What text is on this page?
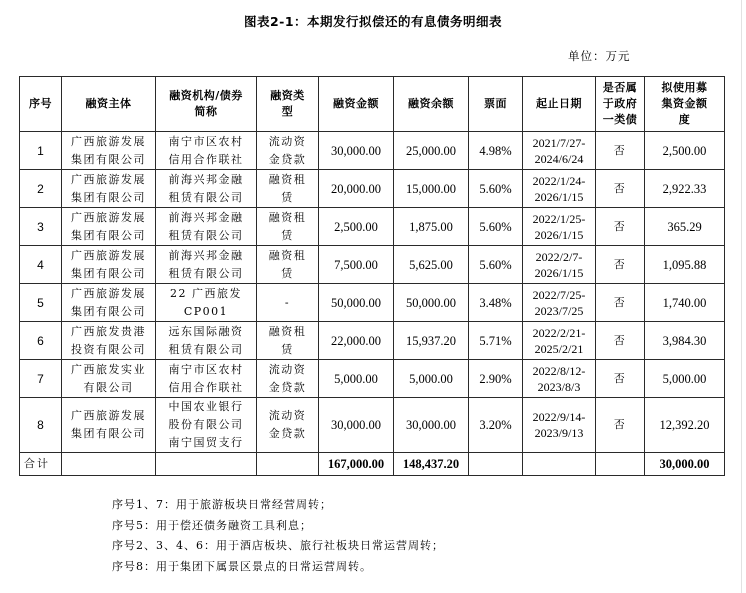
图表2-1：本期发行拟偿还的有息债务明细表
单位：万元
序号	融资主体	融资机构/债券
简称	融资类
型	融资金额	融资余额	票面	起止日期	是否属
于政府
一类债	拟使用募
集资金额
度

1	广西旅游发展
集团有限公司	南宁市区农村
信用合作联社	流动资
金贷款	30,000.00	25,000.00	4.98%	2021/7/27-
2024/6/24	否	2,500.00
2	广西旅游发展
集团有限公司	前海兴邦金融
租赁有限公司	融资租
赁	20,000.00	15,000.00	5.60%	2022/1/24-
2026/1/15	否	2,922.33
3	广西旅游发展
集团有限公司	前海兴邦金融
租赁有限公司	融资租
赁	2,500.00	1,875.00	5.60%	2022/1/25-
2026/1/15	否	365.29
4	广西旅游发展
集团有限公司	前海兴邦金融
租赁有限公司	融资租
赁	7,500.00	5,625.00	5.60%	2022/2/7-
2026/1/15	否	1,095.88
5	广西旅游发展
集团有限公司	22 广西旅发
CP001	-	50,000.00	50,000.00	3.48%	2022/7/25-
2023/7/25	否	1,740.00
6	广西旅发贵港
投资有限公司	远东国际融资
租赁有限公司	融资租
赁	22,000.00	15,937.20	5.71%	2022/2/21-
2025/2/21	否	3,984.30
7	广西旅发实业
有限公司	南宁市区农村
信用合作联社	流动资
金贷款	5,000.00	5,000.00	2.90%	2022/8/12-
2023/8/3	否	5,000.00
8	广西旅游发展
集团有限公司	中国农业银行
股份有限公司
南宁国贸支行	流动资
金贷款	30,000.00	30,000.00	3.20%	2022/9/14-
2023/9/13	否	12,392.20
合计				167,000.00	148,437.20				30,000.00
序号1、7：用于旅游板块日常经营周转；
序号5：用于偿还债务融资工具利息；
序号2、3、4、6：用于酒店板块、旅行社板块日常运营周转；
序号8：用于集团下属景区景点的日常运营周转。
